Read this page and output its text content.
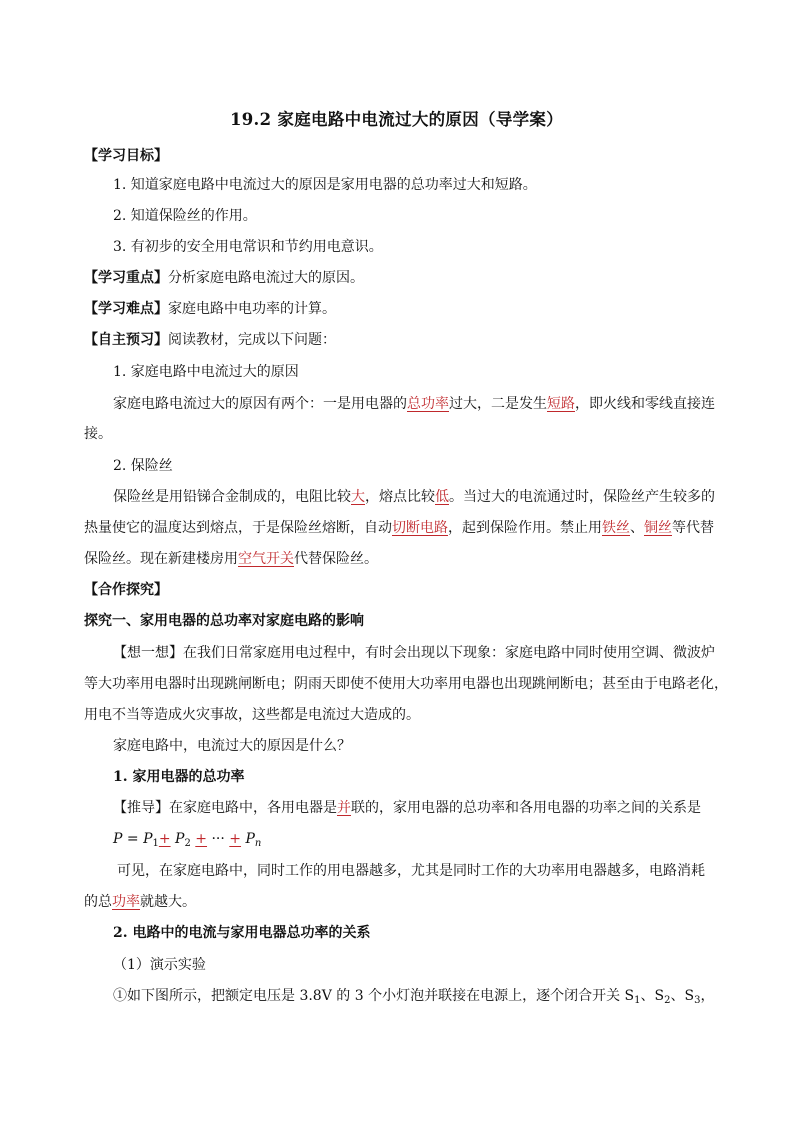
19.2 家庭电路中电流过大的原因（导学案）
【学习目标】
1. 知道家庭电路中电流过大的原因是家用电器的总功率过大和短路。
2. 知道保险丝的作用。
3. 有初步的安全用电常识和节约用电意识。
【学习重点】分析家庭电路电流过大的原因。
【学习难点】家庭电路中电功率的计算。
【自主预习】阅读教材，完成以下问题：
1. 家庭电路中电流过大的原因
家庭电路电流过大的原因有两个：一是用电器的总功率过大，二是发生短路，即火线和零线直接连
接。
2. 保险丝
保险丝是用铅锑合金制成的，电阻比较大，熔点比较低。当过大的电流通过时，保险丝产生较多的
热量使它的温度达到熔点，于是保险丝熔断，自动切断电路，起到保险作用。禁止用铁丝、铜丝等代替
保险丝。现在新建楼房用空气开关代替保险丝。
【合作探究】
探究一、家用电器的总功率对家庭电路的影响
【想一想】在我们日常家庭用电过程中，有时会出现以下现象：家庭电路中同时使用空调、微波炉
等大功率用电器时出现跳闸断电；阴雨天即使不使用大功率用电器也出现跳闸断电；甚至由于电路老化，
用电不当等造成火灾事故，这些都是电流过大造成的。
家庭电路中，电流过大的原因是什么？
1. 家用电器的总功率
【推导】在家庭电路中，各用电器是并联的，家用电器的总功率和各用电器的功率之间的关系是
$P = P_1+ P_2$ + ··· + $P_n$
可见，在家庭电路中，同时工作的用电器越多，尤其是同时工作的大功率用电器越多，电路消耗
的总功率就越大。
2. 电路中的电流与家用电器总功率的关系
（1）演示实验
①如下图所示，把额定电压是 3.8V 的 3 个小灯泡并联接在电源上，逐个闭合开关 $S_1$、$S_2$、$S_3$，
